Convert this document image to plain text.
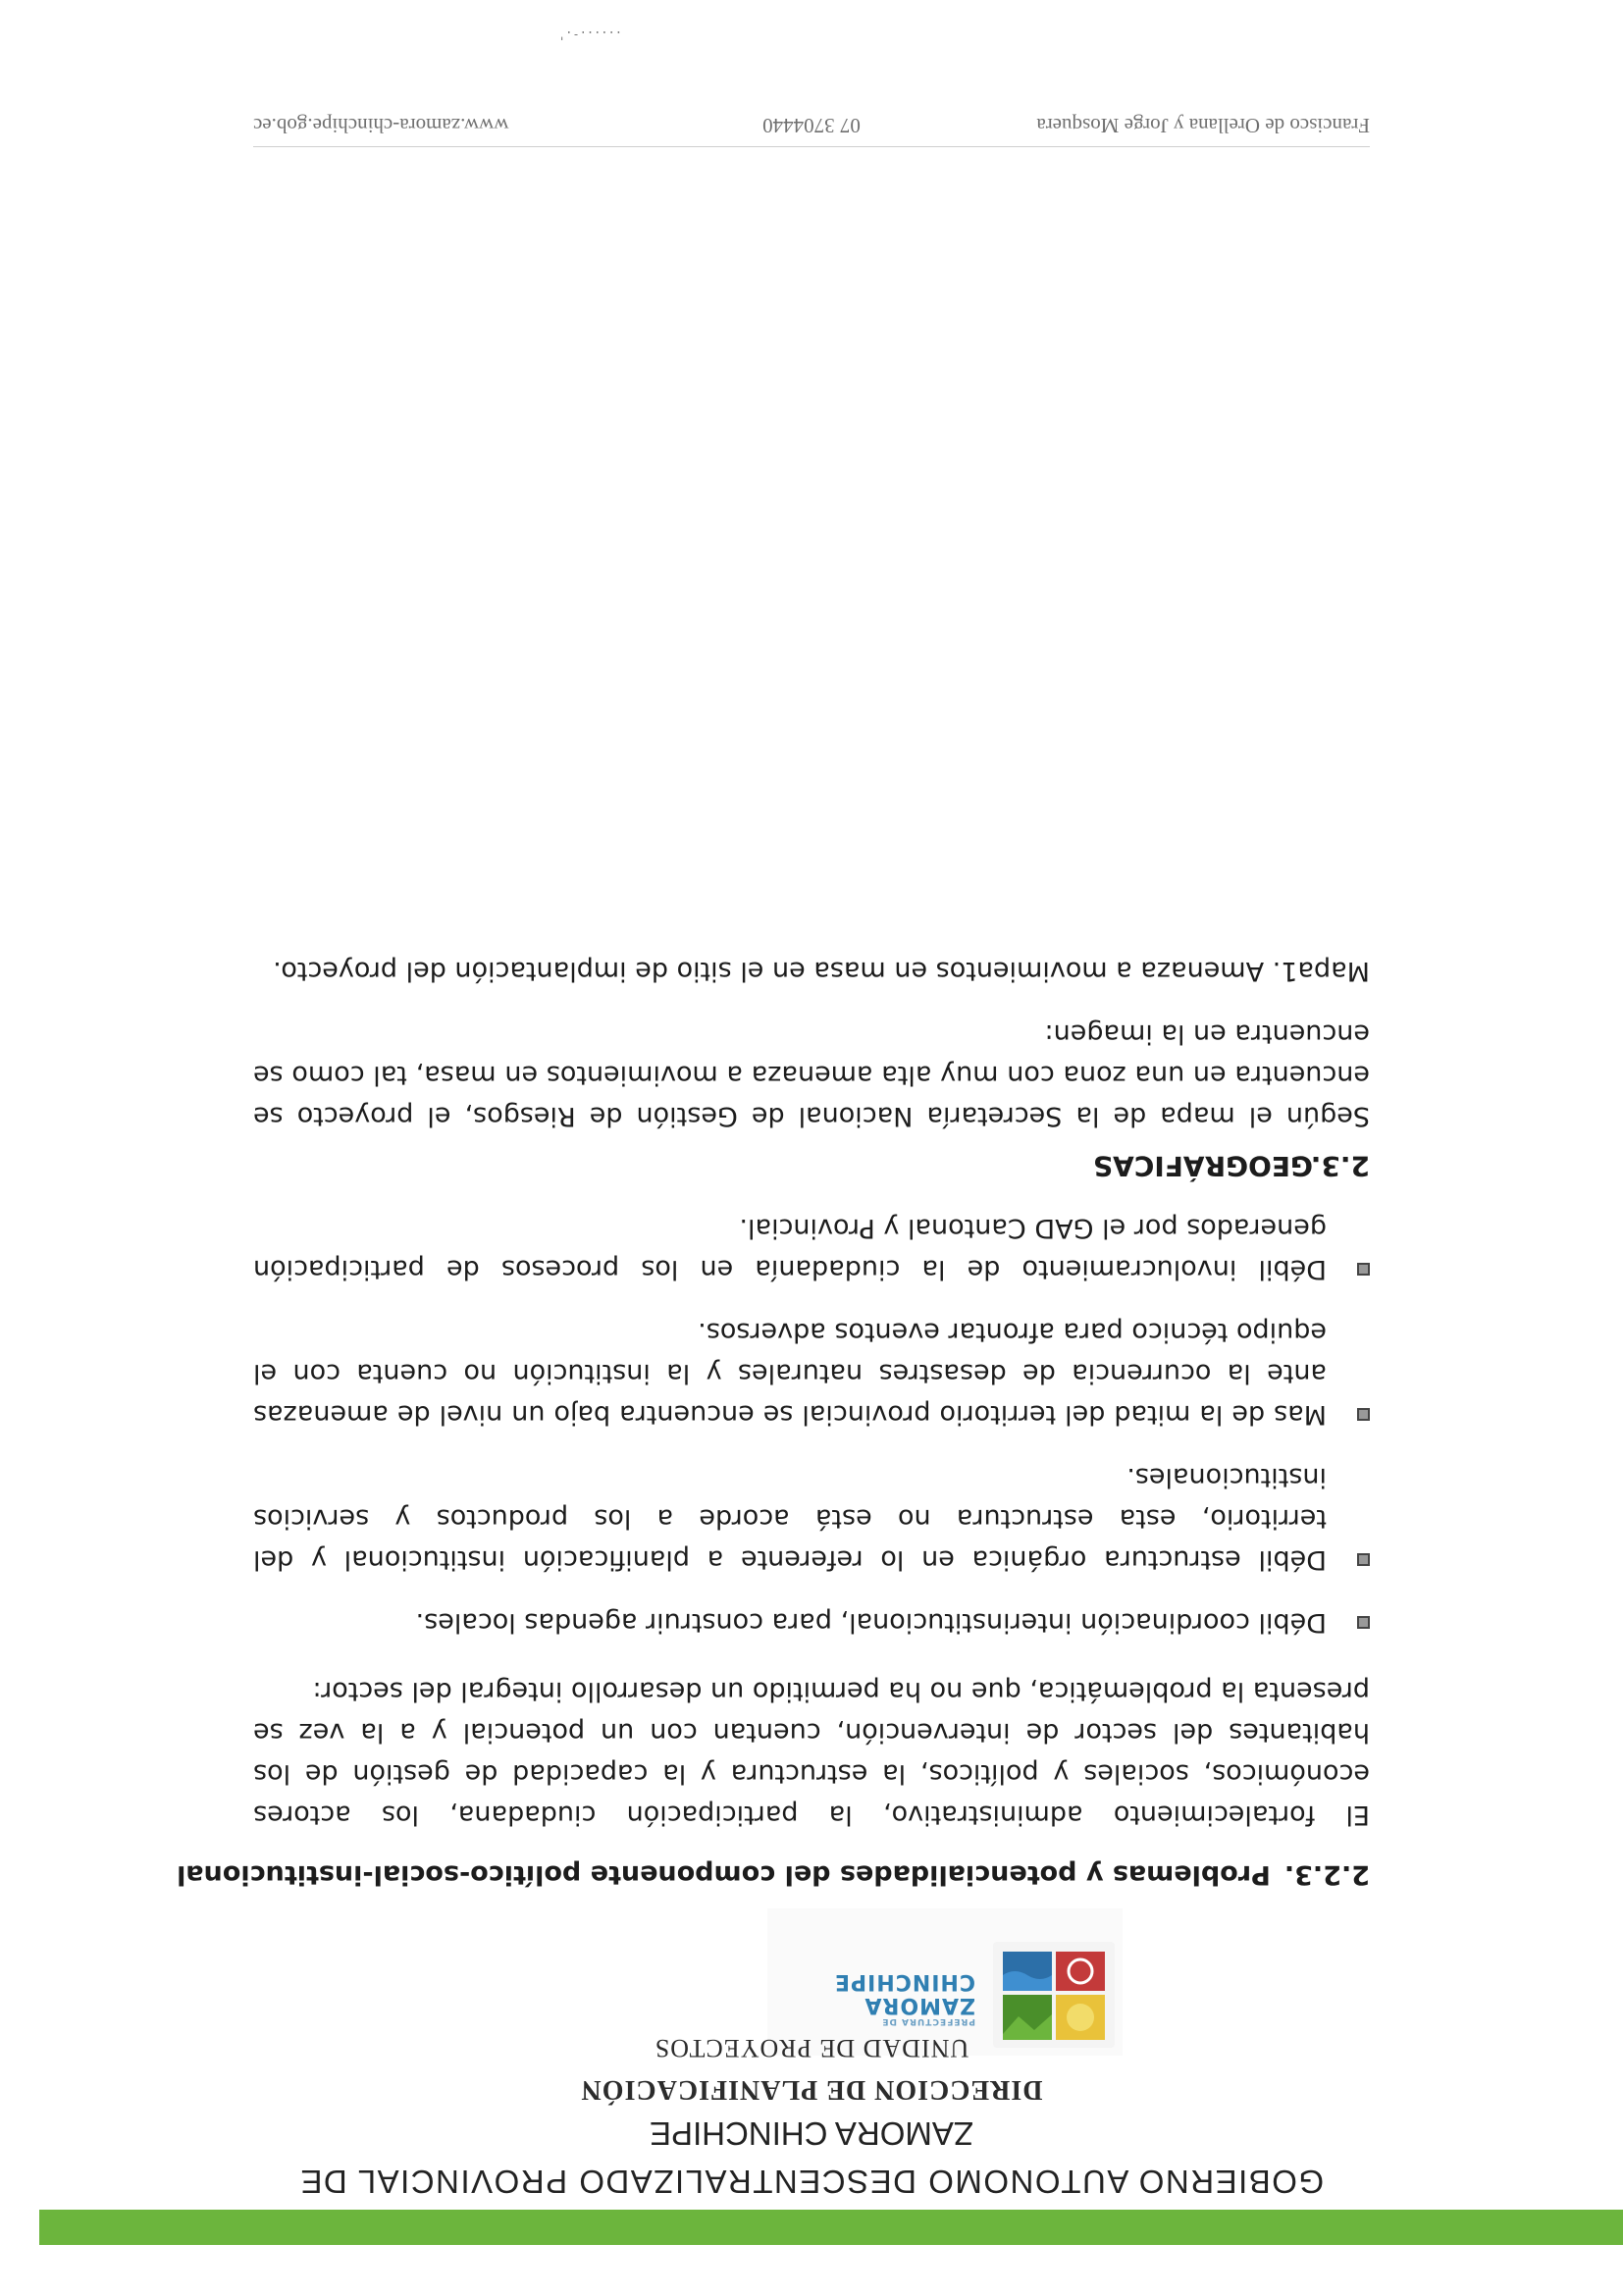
PREFECTURA DE
ZAMORA
CHINCHIPE
GOBIERNO AUTONOMO DESCENTRALIZADO PROVINCIAL DE
ZAMORA CHINCHIPE
DIRECCION DE PLANIFICACIÓN
UNIDAD DE PROYECTOS
2.2.3.Problemas y potencialidades del componente político-social-institucional

El fortalecimiento administrativo, la participación ciudadana, los actores económicos, sociales y políticos, la estructura y la capacidad de gestión de los habitantes del sector de intervención, cuentan con un potencial y a la vez se presenta la problemática, que no ha permitido un desarrollo integral del sector:

Débil coordinación interinstitucional, para construir agendas locales.
Débil estructura orgánica en lo referente a planificación institucional y del territorio, esta estructura no está acorde a los productos y servicios institucionales.
Mas de la mitad del territorio provincial se encuentra bajo un nivel de amenazas ante la ocurrencia de desastres naturales y la institución no cuenta con el equipo técnico para afrontar eventos adversos.
Débil involucramiento de la ciudadanía en los procesos de participación generados por el GAD Cantonal y Provincial.
2.3.GEOGRÁFICAS

Según el mapa de la Secretaría Nacional de Gestión de Riesgos, el proyecto se encuentra en una zona con muy alta amenaza a movimientos en masa, tal como se encuentra en la imagen:

Mapa1. Amenaza a movimientos en masa en el sitio de implantación del proyecto.
Francisco de Orellana y Jorge Mosquera
07 3704440
www.zamora-chinchipe.gob.ec
......-.'
